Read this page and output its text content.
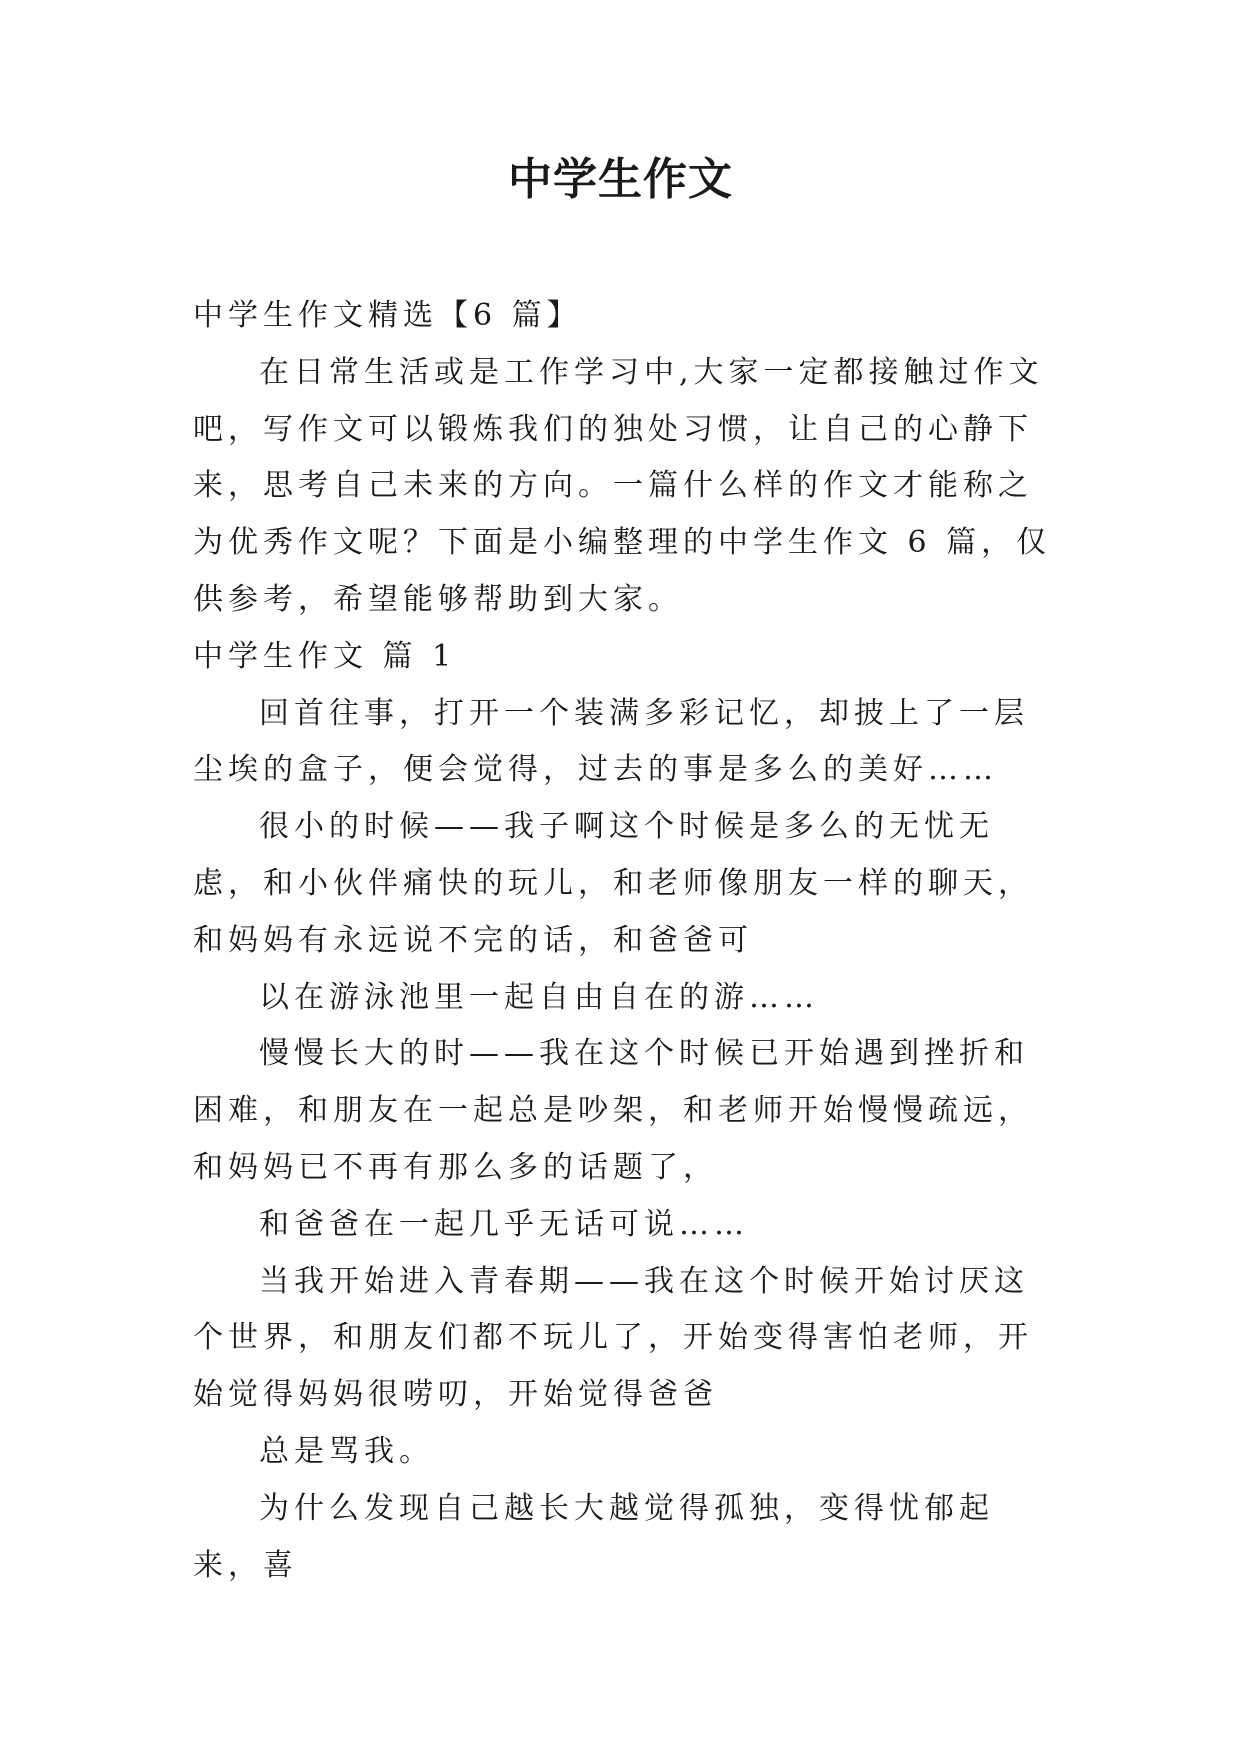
中学生作文

中学生作文精选【6 篇】

在日常生活或是工作学习中,大家一定都接触过作文吧，写作文可以锻炼我们的独处习惯，让自己的心静下来，思考自己未来的方向。一篇什么样的作文才能称之为优秀作文呢？下面是小编整理的中学生作文 6 篇，仅供参考，希望能够帮助到大家。

中学生作文 篇 1

回首往事，打开一个装满多彩记忆，却披上了一层尘埃的盒子，便会觉得，过去的事是多么的美好……

很小的时候——我子啊这个时候是多么的无忧无虑，和小伙伴痛快的玩儿，和老师像朋友一样的聊天，和妈妈有永远说不完的话，和爸爸可

以在游泳池里一起自由自在的游……

慢慢长大的时——我在这个时候已开始遇到挫折和困难，和朋友在一起总是吵架，和老师开始慢慢疏远，和妈妈已不再有那么多的话题了，

和爸爸在一起几乎无话可说……

当我开始进入青春期——我在这个时候开始讨厌这个世界，和朋友们都不玩儿了，开始变得害怕老师，开始觉得妈妈很唠叨，开始觉得爸爸

总是骂我。

为什么发现自己越长大越觉得孤独，变得忧郁起来，喜
